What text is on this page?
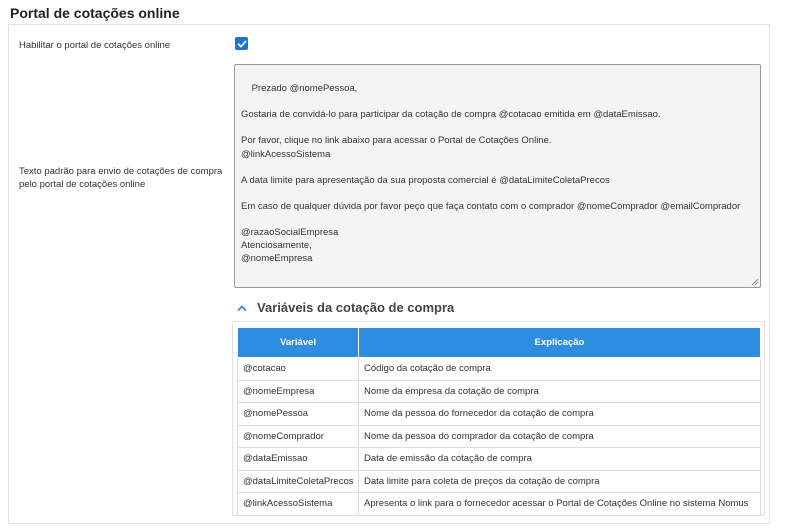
Portal de cotações online
Habilitar o portal de cotações online
Texto padrão para envio de cotações de compra pelo portal de cotações online

Prezado @nomePessoa,

Gostaria de convidá-lo para participar da cotação de compra @cotacao emitida em @dataEmissao.

Por favor, clique no link abaixo para acessar o Portal de Cotações Online.
@linkAcessoSistema

A data limite para apresentação da sua proposta comercial é @dataLimiteColetaPrecos

Em caso de qualquer dúvida por favor peço que faça contato com o comprador @nomeComprador @emailComprador

@razaoSocialEmpresa
Atenciosamente,
@nomeEmpresa

Variáveis da cotação de compra
Variável	Explicação
@cotacao	Código da cotação de compra
@nomeEmpresa	Nome da empresa da cotação de compra
@nomePessoa	Nome da pessoa do fornecedor da cotação de compra
@nomeComprador	Nome da pessoa do comprador da cotação de compra
@dataEmissao	Data de emissão da cotação de compra
@dataLimiteColetaPrecos	Data limite para coleta de preços da cotação de compra
@linkAcessoSistema	Apresenta o link para o fornecedor acessar o Portal de Cotações Online no sistema Nomus
